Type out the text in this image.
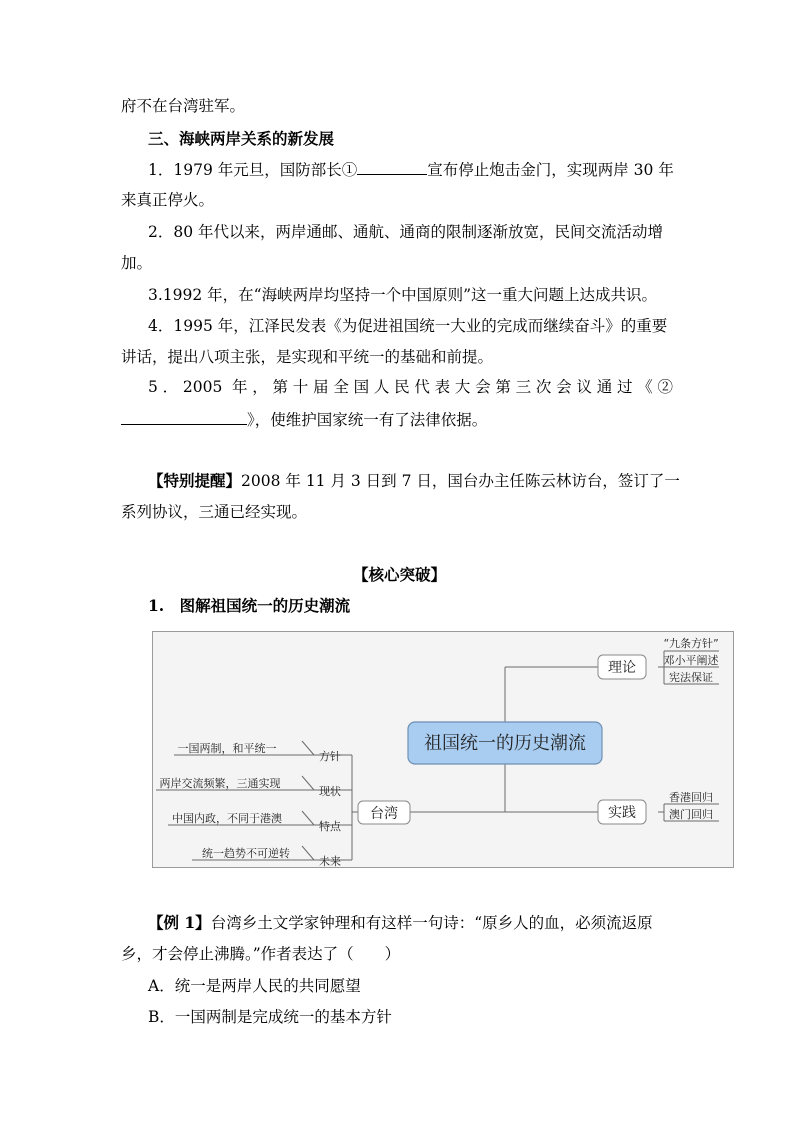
府不在台湾驻军。
三、海峡两岸关系的新发展
1．1979 年元旦，国防部长①	宣布停止炮击金门，实现两岸 30 年
来真正停火。
2．80 年代以来，两岸通邮、通航、通商的限制逐渐放宽，民间交流活动增
加。
3.1992 年，在“海峡两岸均坚持一个中国原则”这一重大问题上达成共识。
4．1995 年，江泽民发表《为促进祖国统一大业的完成而继续奋斗》的重要
讲话，提出八项主张，是实现和平统一的基础和前提。
5．2005 年，第十届全国人民代表大会第三次会议通过《②
》，使维护国家统一有了法律依据。
【特别提醒】2008 年 11 月 3 日到 7 日，国台办主任陈云林访台，签订了一
系列协议，三通已经实现。
【核心突破】
1.　图解祖国统一的历史潮流
祖国统一的历史潮流
理论
“九条方针”
邓小平阐述
宪法保证
实践
香港回归
澳门回归
台湾
一国两制，和平统一
方针
两岸交流频繁，三通实现
现状
中国内政，不同于港澳
特点
统一趋势不可逆转
未来
【例 1】台湾乡土文学家钟理和有这样一句诗：“原乡人的血，必须流返原
乡，才会停止沸腾。”作者表达了（　　）
A．统一是两岸人民的共同愿望
B．一国两制是完成统一的基本方针
